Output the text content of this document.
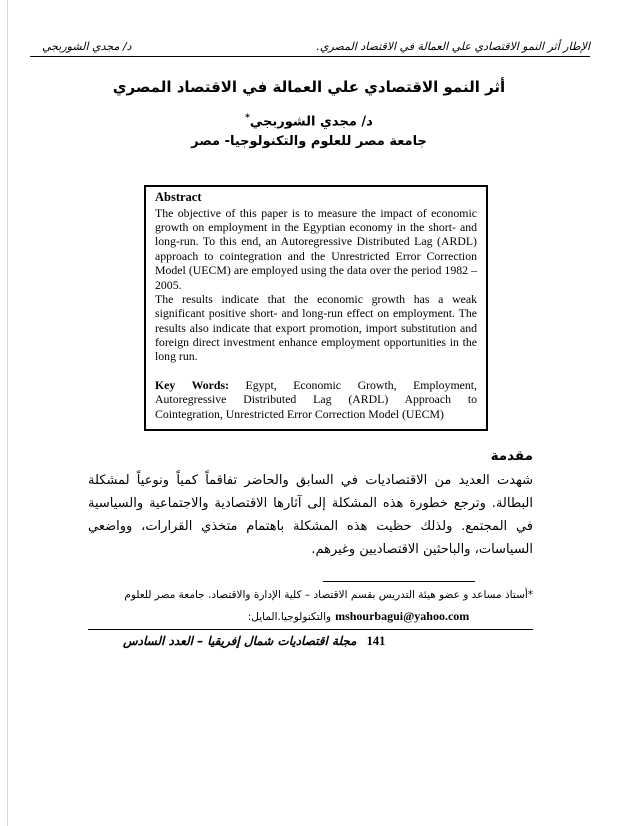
الإطار أثر النمو الاقتصادي علي العمالة في الاقتصاد المصري.
د/ مجدي الشوربجي
أثر النمو الاقتصادي علي العمالة في الاقتصاد المصري
د/ مجدي الشوربجي*
جامعة مصر للعلوم والتكنولوجيا- مصر
Abstract

The objective of this paper is to measure the impact of economic growth on employment in the Egyptian economy in the short- and long-run. To this end, an Autoregressive Distributed Lag (ARDL) approach to cointegration and the Unrestricted Error Correction Model (UECM) are employed using the data over the period 1982 – 2005.

The results indicate that the economic growth has a weak significant positive short- and long-run effect on employment. The results also indicate that export promotion, import substitution and foreign direct investment enhance employment opportunities in the long run.

Key Words: Egypt, Economic Growth, Employment, Autoregressive Distributed Lag (ARDL) Approach to Cointegration, Unrestricted Error Correction Model (UECM)

مقدمة

شهدت العديد من الاقتصاديات في السابق والحاضر تفاقماً كمياً ونوعياً لمشكلة البطالة. وترجع خطورة هذه المشكلة إلى آثارها الاقتصادية والاجتماعية والسياسية في المجتمع. ولذلك حظيت هذه المشكلة باهتمام متخذي القرارات، وواضعي السياسات، والباحثين الاقتصاديين وغيرهم.

*أستاذ مساعد و عضو هيئة التدريس بقسم الاقتصاد – كلية الإدارة والاقتصاد. جامعة مصر للعلوم
والتكنولوجيا.المايل: mshourbagui@yahoo.com
141
مجلة اقتصاديات شمال إفريقيا – العدد السادس
